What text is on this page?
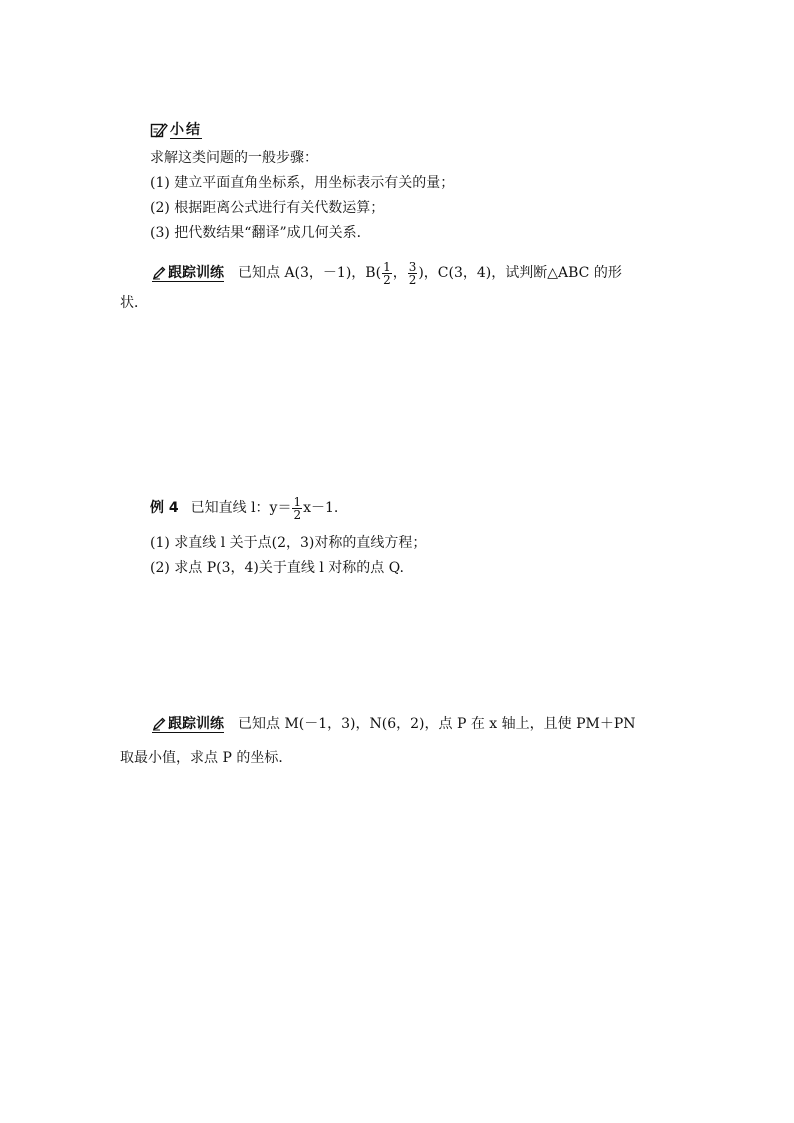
小结
求解这类问题的一般步骤：
(1) 建立平面直角坐标系，用坐标表示有关的量；
(2) 根据距离公式进行有关代数运算；
(3) 把代数结果“翻译”成几何关系．
跟踪训练 已知点 A(3，－1)，$B( \frac{1}{2}$ ， $\frac{3}{2}$ )，C(3，4)，试判断△ABC 的形
状．
例 4 已知直线 l：$y= \frac{1}{2} x-1$.
(1) 求直线 l 关于点(2，3)对称的直线方程；
(2) 求点 P(3，4)关于直线 l 对称的点 Q.
跟踪训练 已知点 M(－1，3)，N(6，2)，点 P 在 x 轴上，且使 PM＋PN
取最小值，求点 P 的坐标．
